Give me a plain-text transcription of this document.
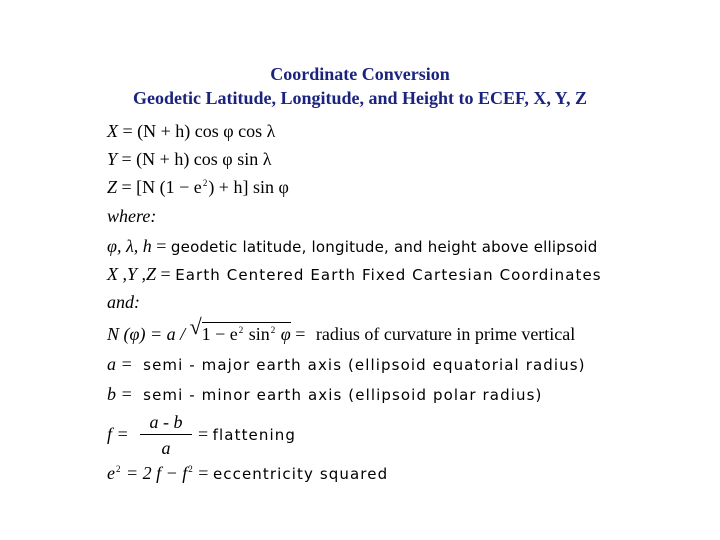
Coordinate Conversion
Geodetic Latitude, Longitude, and Height to ECEF, X, Y, Z
X = (N + h) cos φ cos λ
Y = (N + h) cos φ sin λ
Z = [N $(1 - e^2) + h$] sin φ
where:
φ, λ, h = geodetic latitude, longitude, and height above ellipsoid
X ,Y ,Z = Earth Centered Earth Fixed Cartesian Coordinates
and:
N (φ) = a / √ $1 - e^2$ $\sin^2 \varphi$ = radius of curvature in prime vertical
a = semi - major earth axis (ellipsoid equatorial radius)
b = semi - minor earth axis (ellipsoid polar radius)
f =
a - b
a
= flattening
$e^2 = 2$ $f - f^2$ = eccentricity squared
